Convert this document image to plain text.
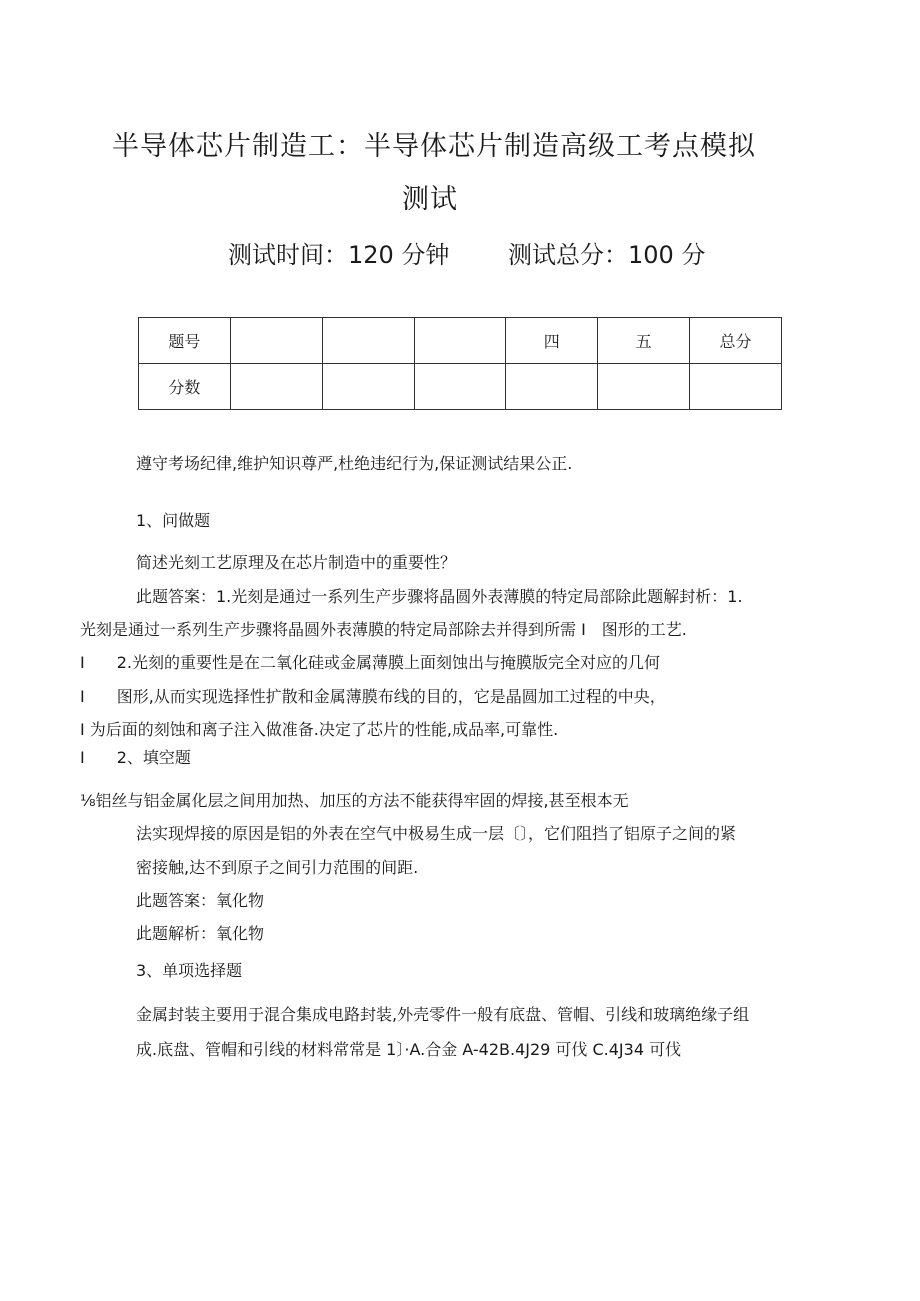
半导体芯片制造工：半导体芯片制造高级工考点模拟
测试
测试时间：120 分钟 测试总分：100 分
题号				四	五	总分
分数						
遵守考场纪律,维护知识尊严,杜绝违纪行为,保证测试结果公正.
1、问做题
简述光刻工艺原理及在芯片制造中的重要性？
此题答案：1.光刻是通过一系列生产步骤将晶圆外表薄膜的特定局部除此题解封析：1.
光刻是通过一系列生产步骤将晶圆外表薄膜的特定局部除去并得到所需 I　图形的工艺.
I　　2.光刻的重要性是在二氧化硅或金属薄膜上面刻蚀出与掩膜版完全对应的几何
I　　图形,从而实现选择性扩散和金属薄膜布线的目的，它是晶圆加工过程的中央，
I 为后面的刻蚀和离子注入做准备.决定了芯片的性能,成品率,可靠性.
I　　2、填空题
⅛铝丝与铝金属化层之间用加热、加压的方法不能获得牢固的焊接,甚至根本无
法实现焊接的原因是铝的外表在空气中极易生成一层〔〕，它们阻挡了铝原子之间的紧
密接触,达不到原子之间引力范围的间距.
此题答案：氧化物
此题解析：氧化物
3、单项选择题
金属封装主要用于混合集成电路封装,外壳零件一般有底盘、管帽、引线和玻璃绝缘子组
成.底盘、管帽和引线的材料常常是 1〕·A.合金 A-42B.4J29 可伐 C.4J34 可伐
